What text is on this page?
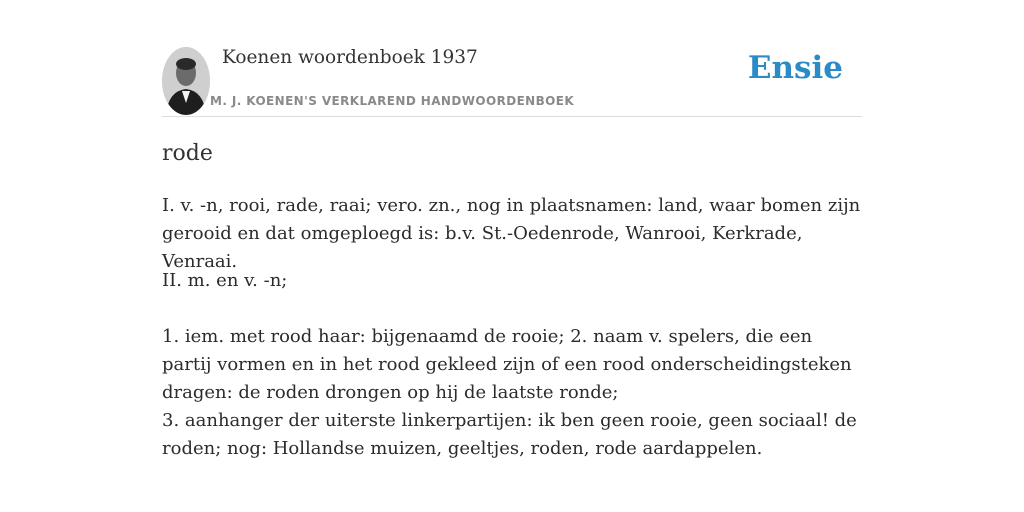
Koenen woordenboek 1937
M. J. KOENEN'S VERKLAREND HANDWOORDENBOEK
Ensie
rode

I. v. -n, rooi, rade, raai; vero. zn., nog in plaatsnamen: land, waar bomen zijn gerooid en dat omgeploegd is: b.v. St.-Oedenrode, Wanrooi, Kerkrade, Venraai.

II. m. en v. -n;

1. iem. met rood haar: bijgenaamd de rooie; 2. naam v. spelers, die een partij vormen en in het rood gekleed zijn of een rood onderscheidingsteken dragen: de roden drongen op hij de laatste ronde;
3. aanhanger der uiterste linkerpartijen: ik ben geen rooie, geen sociaal! de roden; nog: Hollandse muizen, geeltjes, roden, rode aardappelen.
